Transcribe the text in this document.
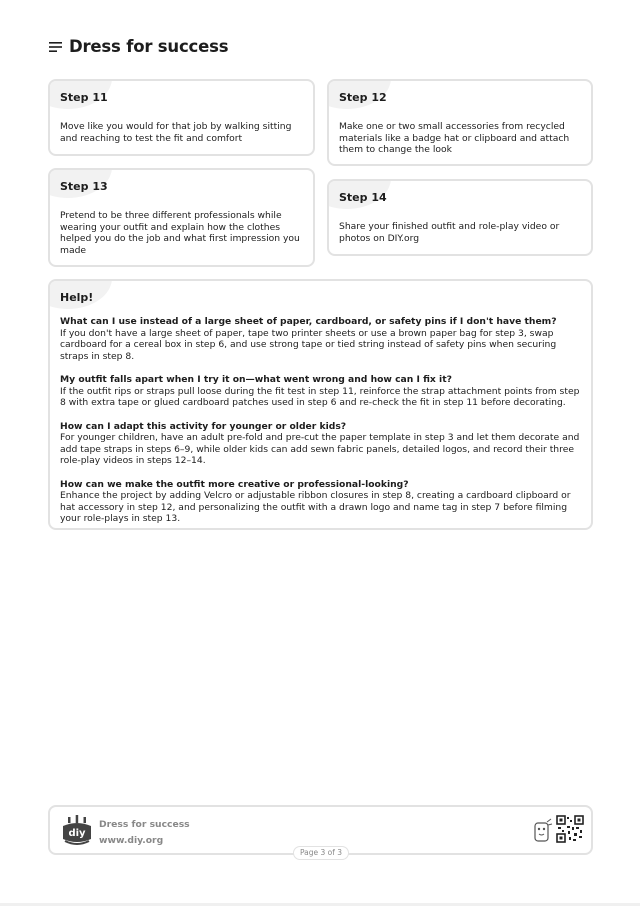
Dress for success
Step 11
Move like you would for that job by walking sitting and reaching to test the fit and comfort
Step 12
Make one or two small accessories from recycled materials like a badge hat or clipboard and attach them to change the look
Step 13
Pretend to be three different professionals while wearing your outfit and explain how the clothes helped you do the job and what first impression you made
Step 14
Share your finished outfit and role-play video or photos on DIY.org
Help!
What can I use instead of a large sheet of paper, cardboard, or safety pins if I don't have them?
If you don't have a large sheet of paper, tape two printer sheets or use a brown paper bag for step 3, swap cardboard for a cereal box in step 6, and use strong tape or tied string instead of safety pins when securing straps in step 8.
My outfit falls apart when I try it on—what went wrong and how can I fix it?
If the outfit rips or straps pull loose during the fit test in step 11, reinforce the strap attachment points from step 8 with extra tape or glued cardboard patches used in step 6 and re-check the fit in step 11 before decorating.
How can I adapt this activity for younger or older kids?
For younger children, have an adult pre-fold and pre-cut the paper template in step 3 and let them decorate and add tape straps in steps 6–9, while older kids can add sewn fabric panels, detailed logos, and record their three role-play videos in steps 12–14.
How can we make the outfit more creative or professional-looking?
Enhance the project by adding Velcro or adjustable ribbon closures in step 8, creating a cardboard clipboard or hat accessory in step 12, and personalizing the outfit with a drawn logo and name tag in step 7 before filming your role-plays in step 13.
diy
Dress for success
www.diy.org
Page 3 of 3
